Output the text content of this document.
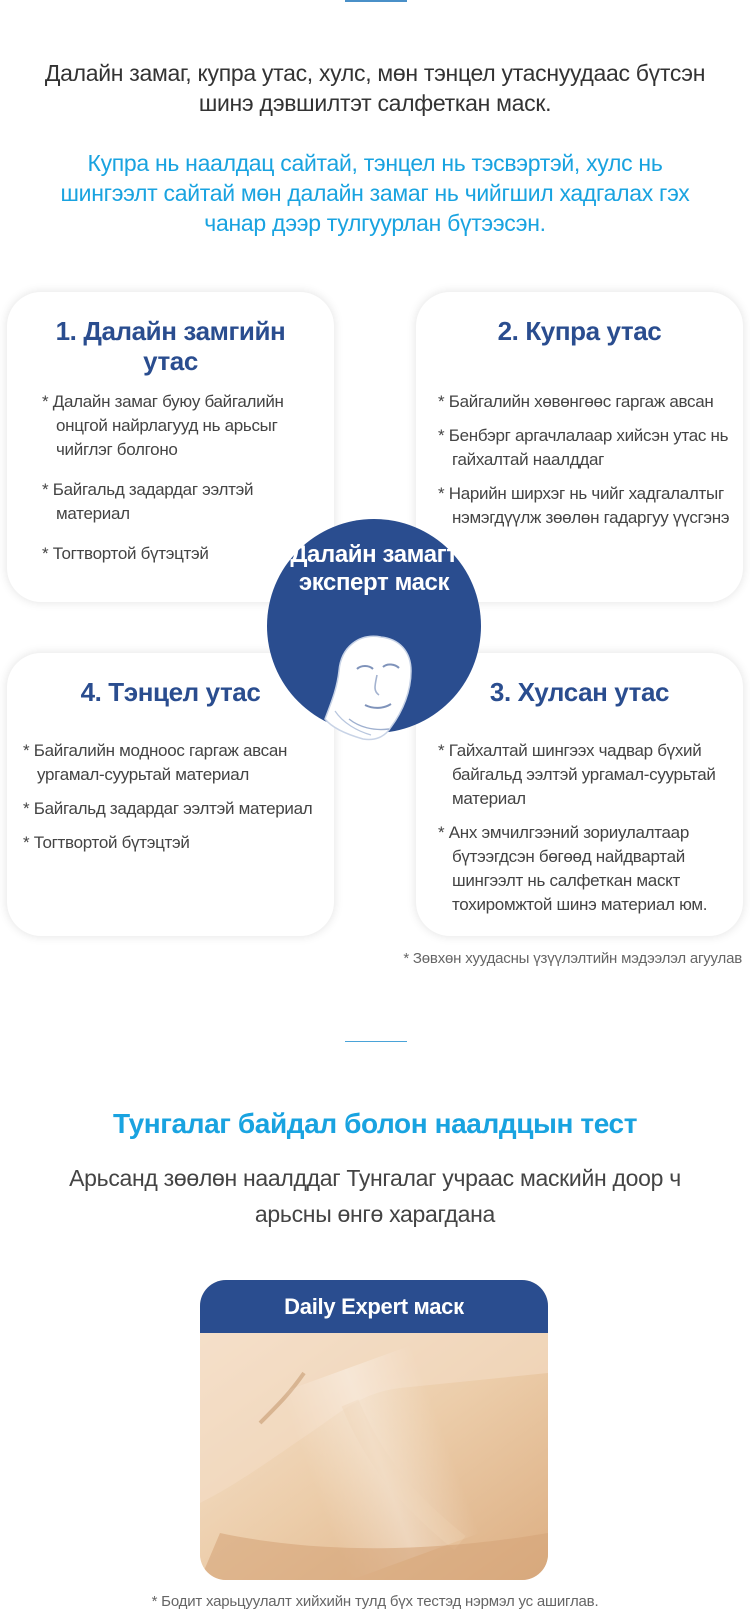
Далайн замаг, купра утас, хулс, мөн тэнцел утаснуудаас бүтсэн шинэ дэвшилтэт салфеткан маск.
Купра нь наалдац сайтай, тэнцел нь тэсвэртэй, хулс нь шингээлт сайтай мөн далайн замаг нь чийгшил хадгалах гэх чанар дээр тулгуурлан бүтээсэн.
1. Далайн замгийн утас
* Далайн замаг буюу байгалийн онцгой найрлагууд нь арьсыг чийглэг болгоно
* Байгальд задардаг ээлтэй материал
* Тогтвортой бүтэцтэй
2. Купра утас
* Байгалийн хөвөнгөөс гаргаж авсан
* Бенбэрг аргачлалаар хийсэн утас нь гайхалтай наалддаг
* Нарийн ширхэг нь чийг хадгалалтыг нэмэгдүүлж зөөлөн гадаргуу үүсгэнэ
4. Тэнцел утас
* Байгалийн модноос гаргаж авсан ургамал-суурьтай материал
* Байгальд задардаг ээлтэй материал
* Тогтвортой бүтэцтэй
3. Хулсан утас
* Гайхалтай шингээх чадвар бүхий байгальд ээлтэй ургамал-суурьтай материал
* Анх эмчилгээний зориулалтаар бүтээгдсэн бөгөөд найдвартай шингээлт нь салфеткан маскт тохиромжтой шинэ материал юм.
Далайн замагт эксперт маск
* Зөвхөн хуудасны үзүүлэлтийн мэдээлэл агуулав
Тунгалаг байдал болон наалдцын тест
Арьсанд зөөлөн наалддаг Тунгалаг учраас маскийн доор ч арьсны өнгө харагдана
Daily Expert маск
* Бодит харьцуулалт хийхийн тулд бүх тестэд нэрмэл ус ашиглав.
